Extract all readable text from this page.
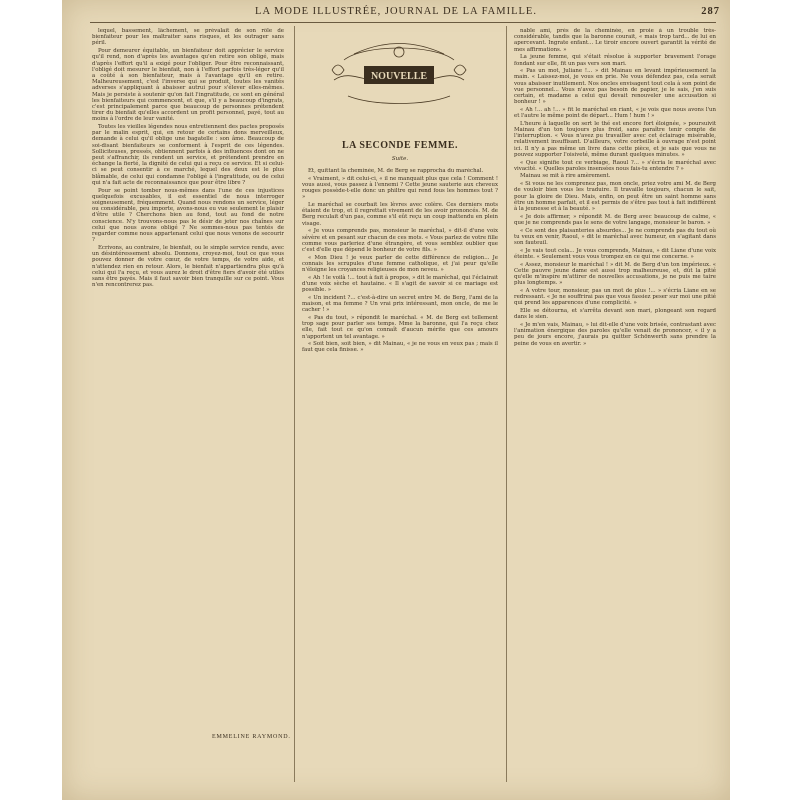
LA MODE ILLUSTRÉE, JOURNAL DE LA FAMILLE.	287

lequel, bassement, lâchement, se prévalait de son rôle de bienfaiteur pour les maltraiter sans risques, et les outrager sans péril.

Pour demeurer équitable, un bienfaiteur doit apprécier le service qu'il rend, non d'après les avantages qu'en retire son obligé, mais d'après l'effort qu'il a exigé pour l'obliger. Pour être reconnaissant, l'obligé doit mesurer le bienfait, non à l'effort parfois très-léger qu'il a coûté à son bienfaiteur, mais à l'avantage qu'il en retire. Malheureusement, c'est l'inverse qui se produit, toutes les vanités adverses s'appliquant à abaisser autrui pour s'élever elles-mêmes. Mais je persiste à soutenir qu'on fait l'ingratitude, ce sont en général les bienfaiteurs qui commencent, et que, s'il y a beaucoup d'ingrats, c'est principalement parce que beaucoup de personnes prétendent tirer du bienfait qu'elles accordent un profit personnel, payé, tout au moins à l'ordre de leur vanité.

Toutes les vieilles légendes nous entretiennent des pactes proposés par le malin esprit, qui, en retour de certains dons merveilleux, demande à celui qu'il oblige une bagatelle : son âme. Beaucoup de soi-disant bienfaiteurs se conforment à l'esprit de ces légendes. Solliciteuses, pressés, obtiennent parfois à des influences dont on ne peut s'affranchir, ils rendent un service, et prétendent prendre en échange la fierté, la dignité de celui qui a reçu ce service. Et si celui-ci se peut consentir à ce marché, lequel des deux est le plus blâmable, de celui qui condamne l'obligé à l'ingratitude, ou de celui qui n'a fait acte de reconnaissance que pour être libre ?

Pour se point tomber nous-mêmes dans l'une de ces injustices quelquefois excusables, il est essentiel de nous interroger soigneusement, fréquemment. Quand nous rendons un service, léger ou considérable, peu importe, avons-nous eu vue seulement le plaisir d'être utile ? Cherchons bien au fond, tout au fond de notre conscience. N'y trouvons-nous pas le désir de jeter nos chaînes sur celui que nous avons obligé ? Ne sommes-nous pas tentés de regarder comme nous appartenant celui que nous venons de secourir ?

Ecrivons, au contraire, le bienfait, ou le simple service rendu, avec un désintéressement absolu. Donnons, croyez-moi, tout ce que vous pouvez donner de votre cœur, de votre temps, de votre aide, et n'attendez rien en retour. Alors, le bienfait n'appartiendra plus qu'à celui qui l'a reçu, et vous aurez le droit d'être fiers d'avoir été utiles sans être payés. Mais il faut savoir bien tranquille sur ce point. Vous n'en rencontrerez pas.

EMMELINE RAYMOND.
NOUVELLE
LA SECONDE FEMME.
Suite.

Et, quittant la cheminée, M. de Berg se rapprocha du maréchal.

« Vraiment, » dit celui-ci, « il ne manquait plus que cela ! Comment ! vous aussi, vous passez à l'ennemi ? Cette jeune sauterie aux cheveux rouges possède-t-elle donc un philtre qui rend fous les hommes tout ? »

Le maréchal se courbait les lèvres avec colère. Ces derniers mots étaient de trop, et il regrettait vivement de les avoir prononcés. M. de Berg reculait d'un pas, comme s'il eût reçu un coup inattendu en plein visage.

« Je vous comprends pas, monsieur le maréchal, » dit-il d'une voix sévère et en pesant sur chacun de ces mots. « Vous parlez de votre fille comme vous parleriez d'une étrangère, et vous semblez oublier que c'est d'elle que dépend le bonheur de votre fils. »

« Mon Dieu ! je veux parler de cette différence de religion... Je connais les scrupules d'une femme catholique, et j'ai peur qu'elle n'éloigne les croyances religieuses de mon neveu. »

« Ah ! le voilà !... tout à fait à propos, » dit le maréchal, qui l'éclairait d'une voix sèche et hautaine. « Il s'agit de savoir si ce mariage est possible. »

« Un incident ?... c'est-à-dire un secret entre M. de Berg, l'ami de la maison, et ma femme ? Un vrai prix intéressant, mon oncle, de me le cacher ! »

« Pas du tout, » répondit le maréchal. « M. de Berg est tellement trop sage pour parler ses temps. Mme la baronne, qui l'a reçu chez elle, fait tout ce qu'on connaît d'aucun mérite que ces amours n'apportent un tel avantage. »

« Soit bien, soit bien, » dit Mainau, « je ne vous en veux pas ; mais il faut que cela finisse. »

nable ami, près de la cheminée, en proie à un trouble très-considérable, tandis que la baronne courait, « mais trop tard... de lui en apercevant. Ingrate enfant... Le tiroir encore ouvert garantit la vérité de mes affirmations. »

La jeune femme, qui s'était résolue à supporter bravement l'orage fondant sur elle, fit un pas vers son mari.

« Pas un mot, Juliane !... » dit Mainau en levant impérieusement la main. « Laissez-moi, je vous en prie. Ne vous défendez pas, cela serait vous abaisser inutilement. Nos oncles envisagent tout cela à son point de vue personnel... Vous n'avez pas besoin de papier, je le sais, j'en suis certain, et madame a celui qui devait renouveler une accusation si bonheur ! »

« Ah !... ah !... » fit le maréchal en riant, « je vois que nous avons l'un et l'autre le même point de départ... Hum ! hum ! »

L'heure à laquelle on sert le thé est encore fort éloignée, » poursuivit Mainau d'un ton toujours plus froid, sans paraître tenir compte de l'interruption. « Vous n'avez pu travailler avec cet éclairage misérable, relativement insuffisant. D'ailleurs, votre corbeille à ouvrage n'est point ici. Il n'y a pas même un livre dans cette pièce, et je sais que vous ne pouvez supporter l'oisiveté, même durant quelques minutes. »

« Que signifie tout ce verbiage, Raoul ?... » s'écria le maréchal avec vivacité. « Quelles paroles insensées nous fais-tu entendre ? »

Mainau se mit à rire amèrement.

« Si vous ne les comprenez pas, mon oncle, priez votre ami M. de Berg de vouloir bien vous les traduire. Il travaille toujours, chacun le sait, pour la gloire de Dieu. Mais, enfin, on peut être un saint homme sans être un homme parfait, et il est permis de s'être pas tout à fait indifférent à la jeunesse et à la beauté. »

« Je dois affirmer, » répondit M. de Berg avec beaucoup de calme, « que je ne comprends pas le sens de votre langage, monsieur le baron. »

« Ce sont des plaisanteries absurdes... Je ne comprends pas du tout où tu veux en venir, Raoul, » dit le maréchal avec humeur, en s'agitant dans son fauteuil.

« Je vais tout cela... Je vous comprends, Mainau, » dit Liane d'une voix éteinte. « Seulement vous vous trompez en ce qui me concerne. »

« Assez, monsieur le maréchal ! » dit M. de Berg d'un ton impérieux. « Cette pauvre jeune dame est aussi trop malheureuse, et, dût la pitié qu'elle m'inspire m'attirer de nouvelles accusations, je ne puis me taire plus longtemps. »

« A votre tour, monsieur, pas un mot de plus !... » s'écria Liane en se redressant. « Je ne souffrirai pas que vous fassiez peser sur moi une pitié qui prend les apparences d'une complicité. »

Elle se détourna, et s'arrêta devant son mari, plongeant son regard dans le sien.

« Je m'en vais, Mainau, » lui dit-elle d'une voix brisée, contrastant avec l'animation énergique des paroles qu'elle venait de prononcer, « il y a peu de jours encore, j'aurais pu quitter Schönwerth sans prendre la peine de vous en avertir. »
